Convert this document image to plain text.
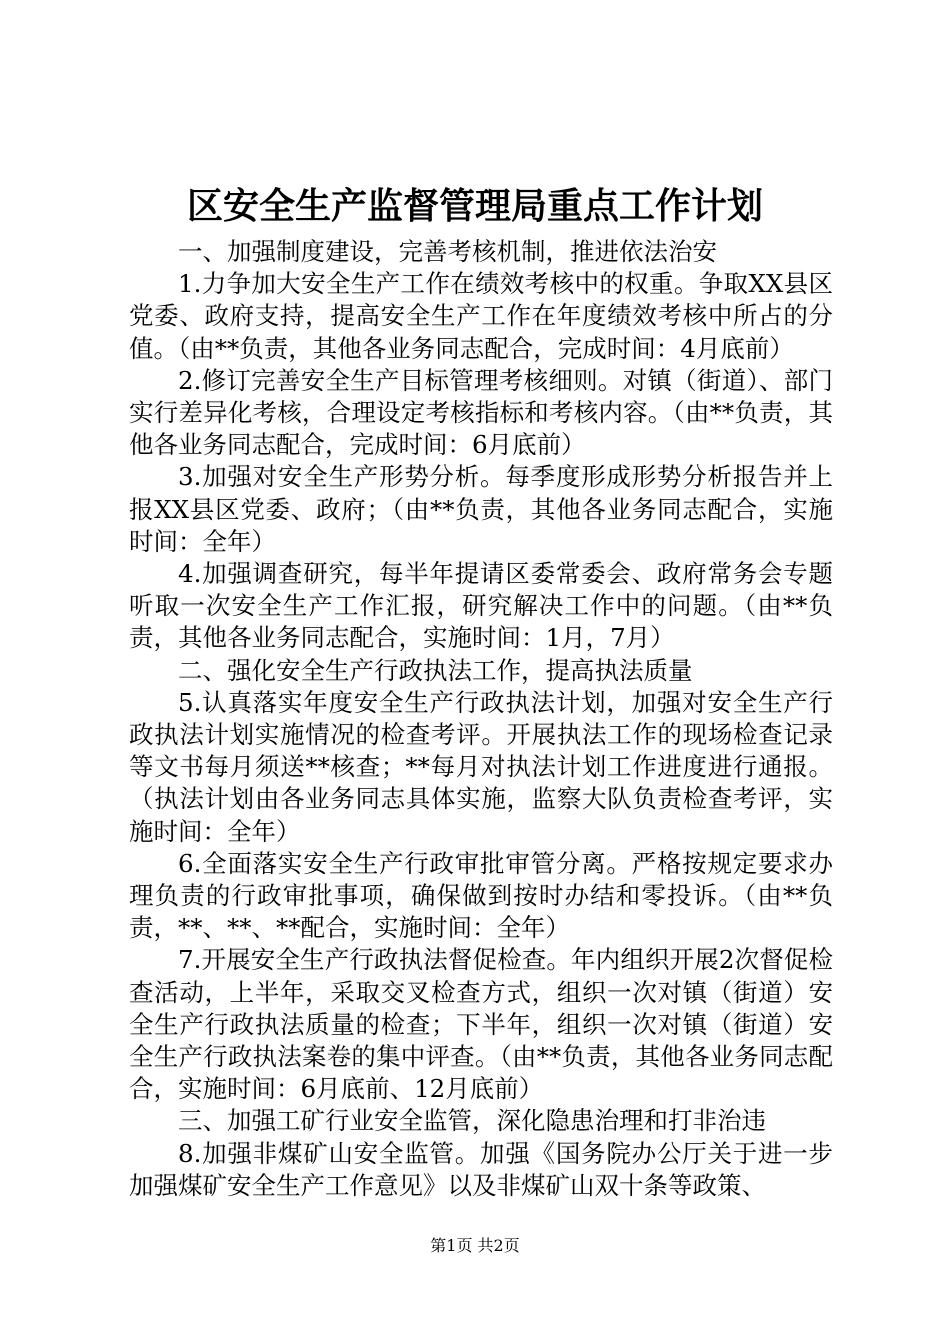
区安全生产监督管理局重点工作计划

一、加强制度建设，完善考核机制，推进依法治安

1.力争加大安全生产工作在绩效考核中的权重。争取XX县区党委、政府支持，提高安全生产工作在年度绩效考核中所占的分值。（由**负责，其他各业务同志配合，完成时间：4月底前）

2.修订完善安全生产目标管理考核细则。对镇（街道）、部门实行差异化考核，合理设定考核指标和考核内容。（由**负责，其他各业务同志配合，完成时间：6月底前）

3.加强对安全生产形势分析。每季度形成形势分析报告并上报XX县区党委、政府；（由**负责，其他各业务同志配合，实施时间：全年）

4.加强调查研究，每半年提请区委常委会、政府常务会专题听取一次安全生产工作汇报，研究解决工作中的问题。（由**负责，其他各业务同志配合，实施时间：1月，7月）

二、强化安全生产行政执法工作，提高执法质量

5.认真落实年度安全生产行政执法计划，加强对安全生产行政执法计划实施情况的检查考评。开展执法工作的现场检查记录等文书每月须送**核查；**每月对执法计划工作进度进行通报。（执法计划由各业务同志具体实施，监察大队负责检查考评，实施时间：全年）

6.全面落实安全生产行政审批审管分离。严格按规定要求办理负责的行政审批事项，确保做到按时办结和零投诉。（由**负责，**、**、**配合，实施时间：全年）

7.开展安全生产行政执法督促检查。年内组织开展2次督促检查活动，上半年，采取交叉检查方式，组织一次对镇（街道）安全生产行政执法质量的检查；下半年，组织一次对镇（街道）安全生产行政执法案卷的集中评查。（由**负责，其他各业务同志配合，实施时间：6月底前、12月底前）

三、加强工矿行业安全监管，深化隐患治理和打非治违

8.加强非煤矿山安全监管。加强《国务院办公厅关于进一步加强煤矿安全生产工作意见》以及非煤矿山双十条等政策、

第1页 共2页
